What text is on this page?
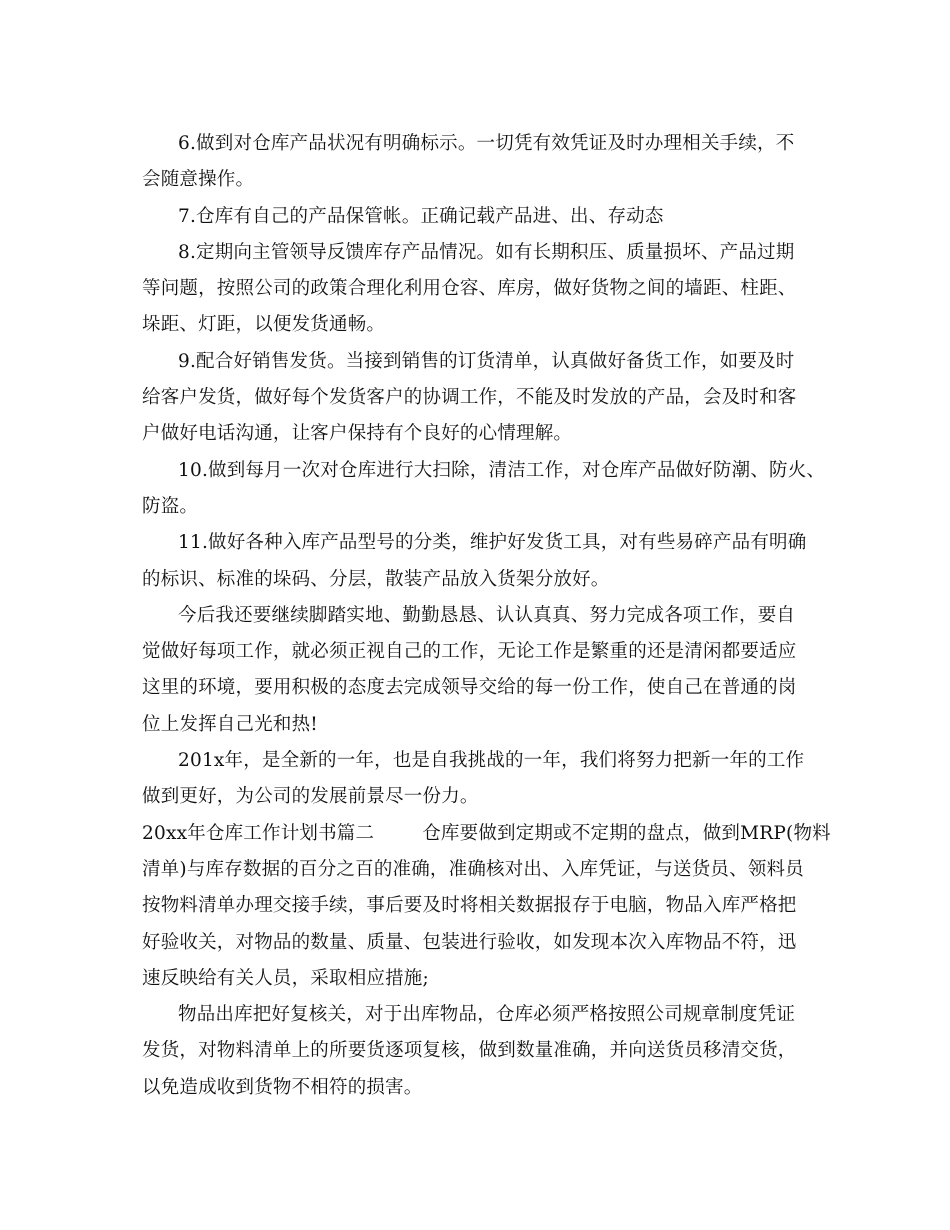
6.做到对仓库产品状况有明确标示。一切凭有效凭证及时办理相关手续，不
会随意操作。
7.仓库有自己的产品保管帐。正确记载产品进、出、存动态
8.定期向主管领导反馈库存产品情况。如有长期积压、质量损坏、产品过期
等问题，按照公司的政策合理化利用仓容、库房，做好货物之间的墙距、柱距、
垛距、灯距，以便发货通畅。
9.配合好销售发货。当接到销售的订货清单，认真做好备货工作，如要及时
给客户发货，做好每个发货客户的协调工作，不能及时发放的产品，会及时和客
户做好电话沟通，让客户保持有个良好的心情理解。
10.做到每月一次对仓库进行大扫除，清洁工作，对仓库产品做好防潮、防火、
防盗。
11.做好各种入库产品型号的分类，维护好发货工具，对有些易碎产品有明确
的标识、标准的垛码、分层，散装产品放入货架分放好。
今后我还要继续脚踏实地、勤勤恳恳、认认真真、努力完成各项工作，要自
觉做好每项工作，就必须正视自己的工作，无论工作是繁重的还是清闲都要适应
这里的环境，要用积极的态度去完成领导交给的每一份工作，使自己在普通的岗
位上发挥自己光和热!
201x年，是全新的一年，也是自我挑战的一年，我们将努力把新一年的工作
做到更好，为公司的发展前景尽一份力。
20xx年仓库工作计划书篇二	仓库要做到定期或不定期的盘点，做到MRP(物料
清单)与库存数据的百分之百的准确，准确核对出、入库凭证，与送货员、领料员
按物料清单办理交接手续，事后要及时将相关数据报存于电脑，物品入库严格把
好验收关，对物品的数量、质量、包装进行验收，如发现本次入库物品不符，迅
速反映给有关人员，采取相应措施;
物品出库把好复核关，对于出库物品，仓库必须严格按照公司规章制度凭证
发货，对物料清单上的所要货逐项复核，做到数量准确，并向送货员移清交货，
以免造成收到货物不相符的损害。
